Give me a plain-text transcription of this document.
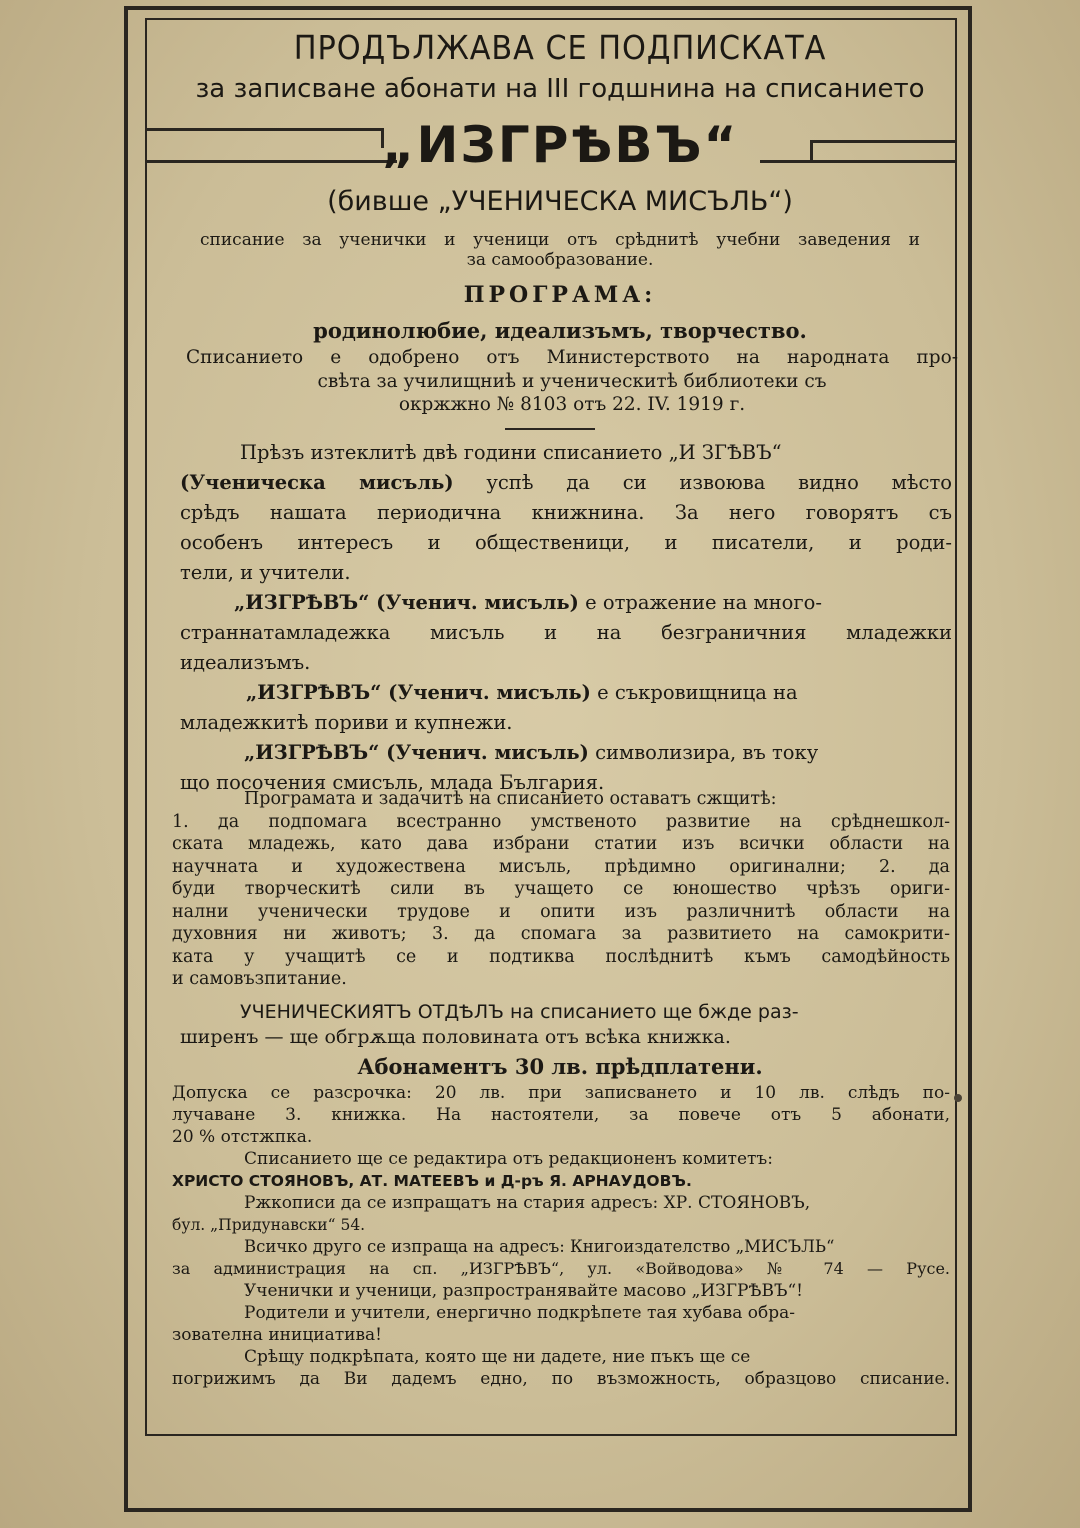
ПРОДЪЛЖАВА СЕ ПОДПИСКАТА
за записване абонати на III годшнина на списанието
„ИЗГРѢВЪ“
(бивше „УЧЕНИЧЕСКА МИСЪЛЬ“)
списание за ученички и ученици отъ срѣднитѣ учебни заведения и
за самообразование.
ПРОГРАМА:
родинолюбие, идеализъмъ, творчество.
Списанието е одобрено отъ Министерството на народната про-
свѣта за училищниѣ и ученическитѣ библиотеки съ
окржжно № 8103 отъ 22. IV. 1919 г.
Прѣзъ изтеклитѣ двѣ години списанието „И ЗГѢВЪ“
(Ученическа мисъль) успѣ да си извоюва видно мѣсто
срѣдъ нашата периодична книжнина. За него говорятъ съ
особенъ интересъ и общественици, и писатели, и роди-
тели, и учители.
„ИЗГРѢВЪ“ (Ученич. мисъль) е отражение на много-
страннатамладежка мисъль и на безграничния младежки
идеализъмъ.
„ИЗГРѢВЪ“ (Ученич. мисъль) е съкровищница на
младежкитѣ пориви и купнежи.
„ИЗГРѢВЪ“ (Ученич. мисъль) символизира, въ току
що посочения смисъль, млада България.
Програмата и задачитѣ на списанието оставатъ сжщитѣ:
1. да подпомага всестранно умственото развитие на срѣднешкол-
ската младежь, като дава избрани статии изъ всички области на
научната и художествена мисъль, прѣдимно оригинални; 2. да
буди творческитѣ сили въ учащето се юношество чрѣзъ ориги-
нални ученически трудове и опити изъ различнитѣ области на
духовния ни животъ; 3. да спомага за развитието на самокрити-
ката у учащитѣ се и подтиква послѣднитѣ къмъ самодѣйность
и самовъзпитание.
УЧЕНИЧЕСКИЯТЪ ОТДѢЛЪ на списанието ще бжде раз-
ширенъ — ще обгрѫща половината отъ всѣка книжка.
Абонаментъ 30 лв. прѣдплатени.
Допуска се разсрочка: 20 лв. при записването и 10 лв. слѣдъ по-
лучаване 3. книжка. На настоятели, за повече отъ 5 абонати,
20 % отстжпка.
Списанието ще се редактира отъ редакционенъ комитетъ:
ХРИСТО СТОЯНОВЪ, АТ. МАТЕЕВЪ и Д-ръ Я. АРНАУДОВЪ.
Ржкописи да се изпращатъ на стария адресъ: ХР. СТОЯНОВЪ,
бул. „Придунавски“ 54.
Всичко друго се изпраща на адресъ: Книгоиздателство „МИСЪЛЬ“
за администрация на сп. „ИЗГРѢВЪ“, ул. «Войводова» № 74 — Русе.
Ученички и ученици, разпространявайте масово „ИЗГРѢВЪ“!
Родители и учители, енергично подкрѣпете тая хубава обра-
зователна инициатива!
Срѣщу подкрѣпата, която ще ни дадете, ние пъкъ ще се
погрижимъ да Ви дадемъ едно, по възможность, образцово списание.
